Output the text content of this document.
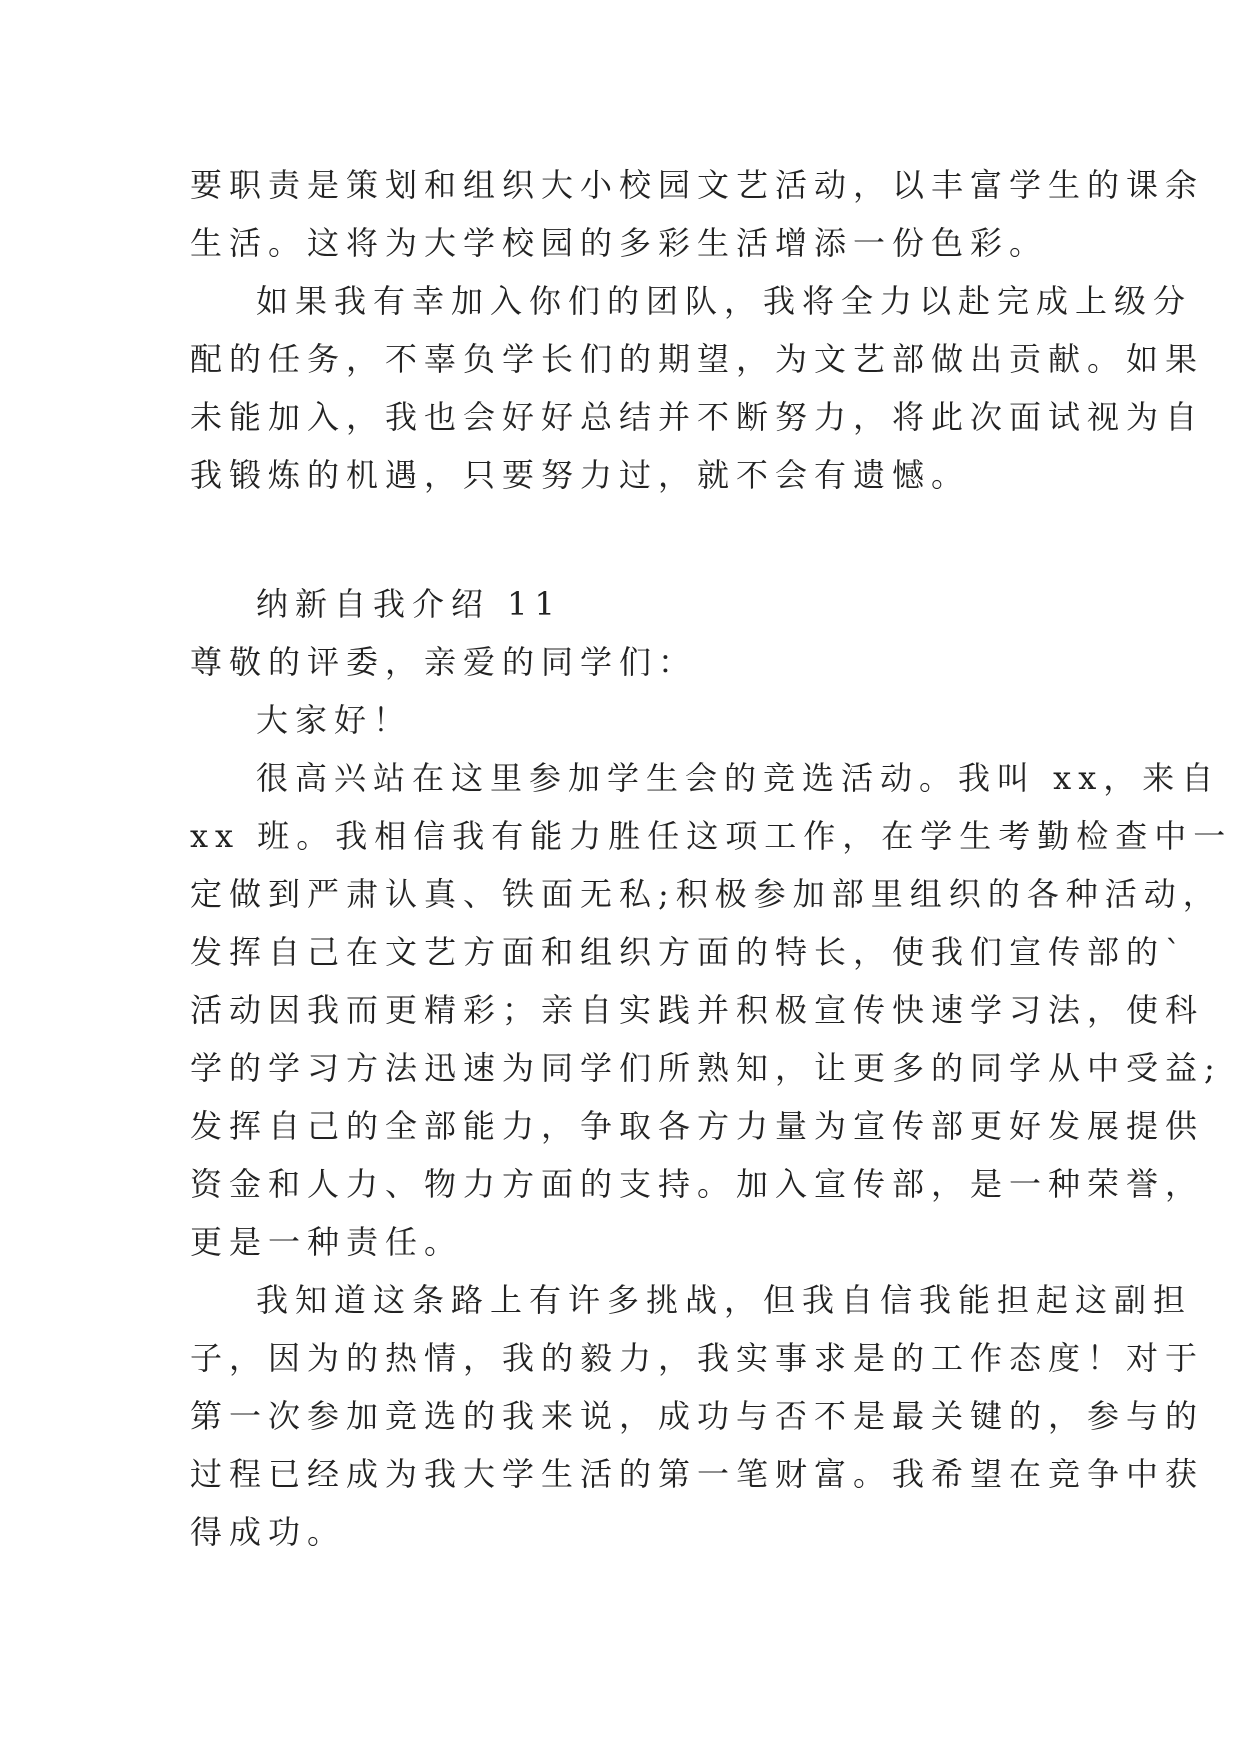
要职责是策划和组织大小校园文艺活动，以丰富学生的课余
生活。这将为大学校园的多彩生活增添一份色彩。
如果我有幸加入你们的团队，我将全力以赴完成上级分
配的任务，不辜负学长们的期望，为文艺部做出贡献。如果
未能加入，我也会好好总结并不断努力，将此次面试视为自
我锻炼的机遇，只要努力过，就不会有遗憾。
纳新自我介绍 11
尊敬的评委，亲爱的同学们：
大家好！
很高兴站在这里参加学生会的竞选活动。我叫 xx，来自
xx 班。我相信我有能力胜任这项工作，在学生考勤检查中一
定做到严肃认真、铁面无私;积极参加部里组织的各种活动，
发挥自己在文艺方面和组织方面的特长，使我们宣传部的`
活动因我而更精彩；亲自实践并积极宣传快速学习法，使科
学的学习方法迅速为同学们所熟知，让更多的同学从中受益;
发挥自己的全部能力，争取各方力量为宣传部更好发展提供
资金和人力、物力方面的支持。加入宣传部，是一种荣誉，
更是一种责任。
我知道这条路上有许多挑战，但我自信我能担起这副担
子，因为的热情，我的毅力，我实事求是的工作态度！对于
第一次参加竞选的我来说，成功与否不是最关键的，参与的
过程已经成为我大学生活的第一笔财富。我希望在竞争中获
得成功。
